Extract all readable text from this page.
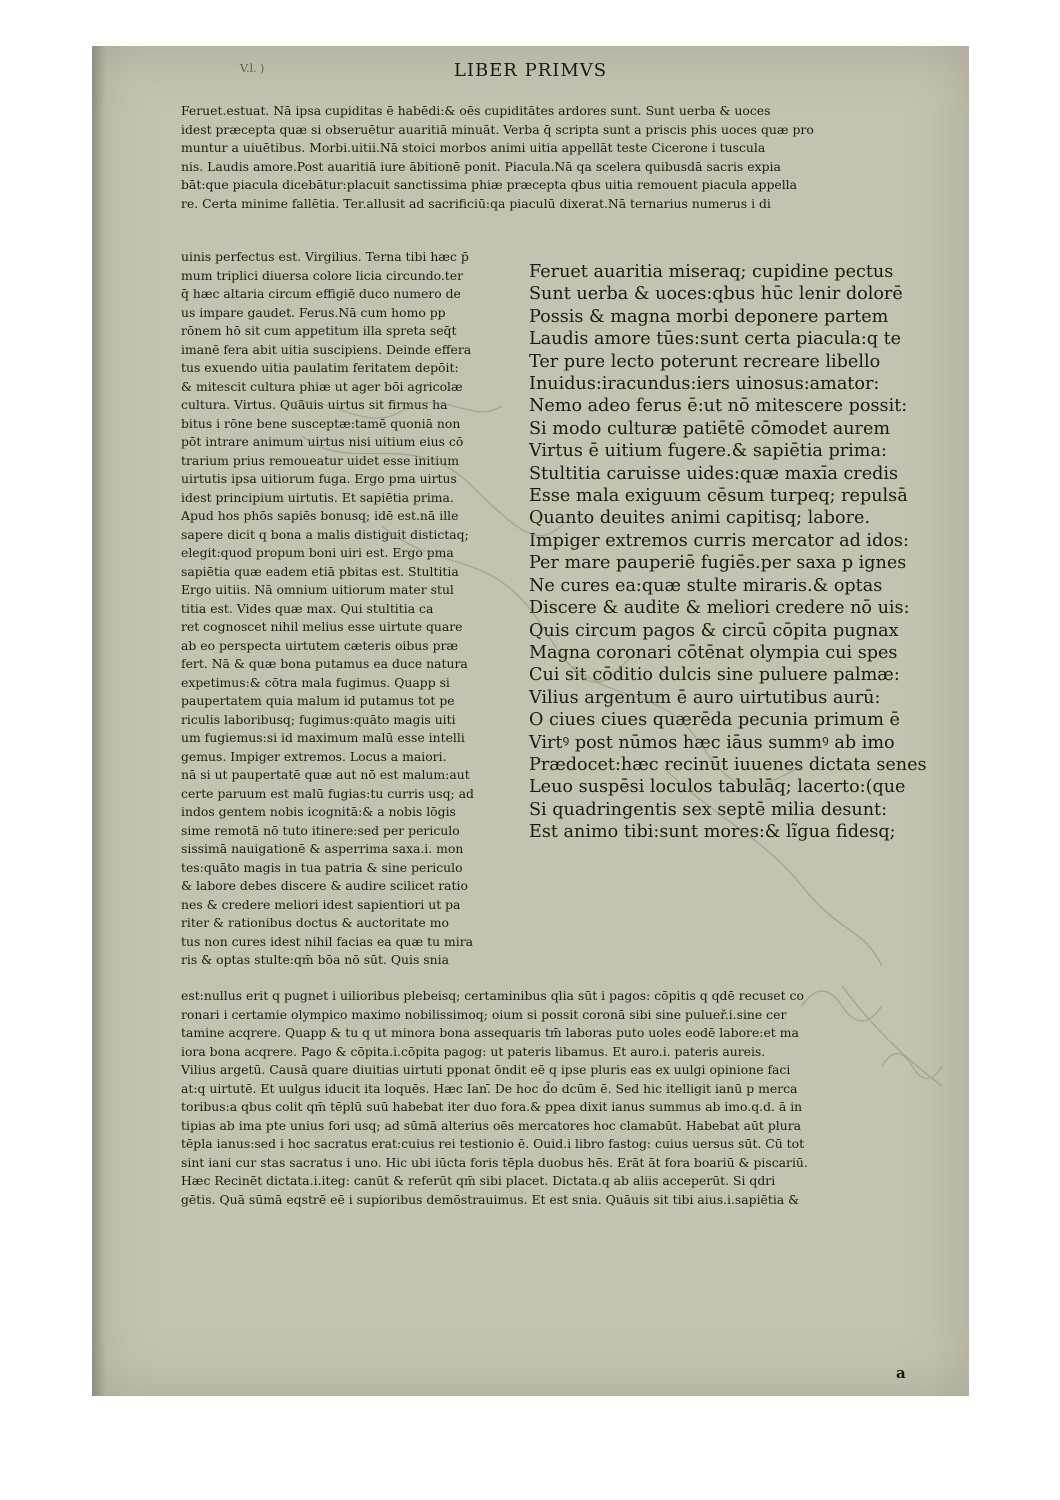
V.l. )	LIBER PRIMVS
Feruet.estuat. Nā ipsa cupiditas ē habēdi:& oēs cupiditātes ardores sunt. Sunt uerba & uoces
idest præcepta quæ si obseruētur auaritiā minuāt. Verba q̄ scripta sunt a priscis phis uoces quæ pro
muntur a uiuētibus. Morbi.uitii.Nā stoici morbos animi uitia appellāt teste Cicerone i tuscula
nis. Laudis amore.Post auaritiā iure ābitionē ponit. Piacula.Nā qa scelera quibusdā sacris expia
bāt:que piacula dicebātur:placuit sanctissima phiæ præcepta qbus uitia remouent piacula appella
re. Certa minime fallētia. Ter.allusit ad sacrificiū:qa piaculū dixerat.Nā ternarius numerus i di
uinis perfectus est. Virgilius. Terna tibi hæc p̄
mum triplici diuersa colore licia circundo.ter
q̄ hæc altaria circum effigiē duco numero de
us impare gaudet. Ferus.Nā cum homo pp
rōnem hō sit cum appetitum illa spreta seq̄t
imanē fera abit uitia suscipiens. Deinde effera
tus exuendo uitia paulatim feritatem depōit:
& mitescit cultura phiæ ut ager bōi agricolæ
cultura. Virtus. Quāuis uirtus sit firmus ha
bitus i rōne bene susceptæ:tamē quoniā non
pōt intrare animum uirtus nisi uitium eius cō
trarium prius remoueatur uidet esse initium
uirtutis ipsa uitiorum fuga. Ergo pma uirtus
idest principium uirtutis. Et sapiētia prima.
Apud hos phōs sapiēs bonusq; idē est.nā ille
sapere dicit q bona a malis distiguit distictaq;
elegit:quod propum boni uiri est. Ergo pma
sapiētia quæ eadem etiā pbitas est. Stultitia
Ergo uitiis. Nā omnium uitiorum mater stul
titia est. Vides quæ max. Qui stultitia ca
ret cognoscet nihil melius esse uirtute quare
ab eo perspecta uirtutem cæteris oibus præ
fert. Nā & quæ bona putamus ea duce natura
expetimus:& cōtra mala fugimus. Quapp si
paupertatem quia malum id putamus tot pe
riculis laboribusq; fugimus:quāto magis uiti
um fugiemus:si id maximum malū esse intelli
gemus. Impiger extremos. Locus a maiori.
nā si ut paupertatē quæ aut nō est malum:aut
certe paruum est malū fugias:tu curris usq; ad
indos gentem nobis icognitā:& a nobis lōgis
sime remotā nō tuto itinere:sed per periculo
sissimā nauigationē & asperrima saxa.i. mon
tes:quāto magis in tua patria & sine periculo
& labore debes discere & audire scilicet ratio
nes & credere meliori idest sapientiori ut pa
riter & rationibus doctus & auctoritate mo
tus non cures idest nihil facias ea quæ tu mira
ris & optas stulte:qm̄ bōa nō sūt. Quis snia
Feruet auaritia miseraq; cupidine pectus
Sunt uerba & uoces:qbus hūc lenir dolorē
Possis & magna morbi deponere partem
Laudis amore tūes:sunt certa piacula:q te
Ter pure lecto poterunt recreare libello
Inuidus:iracundus:iers uinosus:amator:
Nemo adeo ferus ē:ut nō mitescere possit:
Si modo culturæ patiētē cōmodet aurem
Virtus ē uitium fugere.& sapiētia prima:
Stultitia caruisse uides:quæ maxīa credis
Esse mala exiguum cēsum turpeq; repulsā
Quanto deuites animi capitisq; labore.
Impiger extremos curris mercator ad idos:
Per mare pauperiē fugiēs.per saxa p ignes
Ne cures ea:quæ stulte miraris.& optas
Discere & audite & meliori credere nō uis:
Quis circum pagos & circū cōpita pugnax
Magna coronari cōtēnat olympia cui spes
Cui sit cōditio dulcis sine puluere palmæ:
Vilius argentum ē auro uirtutibus aurū:
O ciues ciues quærēda pecunia primum ē
Virtꝰ post nūmos hæc iāus summꝰ ab imo
Prædocet:hæc recinūt iuuenes dictata senes
Leuo suspēsi loculos tabulāq; lacerto:(que
Si quadringentis sex septē milia desunt:
Est animo tibi:sunt mores:& lĩgua fidesq;
est:nullus erit q pugnet i uilioribus plebeisq; certaminibus qlia sūt i pagos: cōpitis q qdē recuset co
ronari i certamie olympico maximo nobilissimoq; oium si possit coronā sibi sine pulueř.i.sine cer
tamine acqrere. Quapp & tu q ut minora bona assequaris tm̄ laboras puto uoles eodē labore:et ma
iora bona acqrere. Pago & cōpita.i.cōpita pagog: ut pateris libamus. Et auro.i. pateris aureis.
Vilius argetū. Causā quare diuitias uirtuti pponat ōndit eē q ipse pluris eas ex uulgi opinione faci
at:q uirtutē. Et uulgus iducit ita loquēs. Hæc Ian.̄ De hoc d̄o dcūm ē. Sed hic itelligit ianū p merca
toribus:a qbus colit qm̄ tēplū suū habebat iter duo fora.& ppea dixit ianus summus ab imo.q.d. ā in
tipias ab ima pte unius fori usq; ad sūmā alterius oēs mercatores hoc clamabūt. Habebat aūt plura
tēpla ianus:sed i hoc sacratus erat:cuius rei testionio ē. Ouid.i libro fastog: cuius uersus sūt. Cū tot
sint iani cur stas sacratus i uno. Hic ubi iūcta foris tēpla duobus hēs. Erāt āt fora boariū & piscariū.
Hæc Recinēt dictata.i.iteg: canūt & referūt qm̄ sibi placet. Dictata.q ab aliis acceperūt. Si qdri
gētis. Quā sūmā eqstrē eē i supioribus demōstrauimus. Et est snia. Quāuis sit tibi aius.i.sapiētia &
a
